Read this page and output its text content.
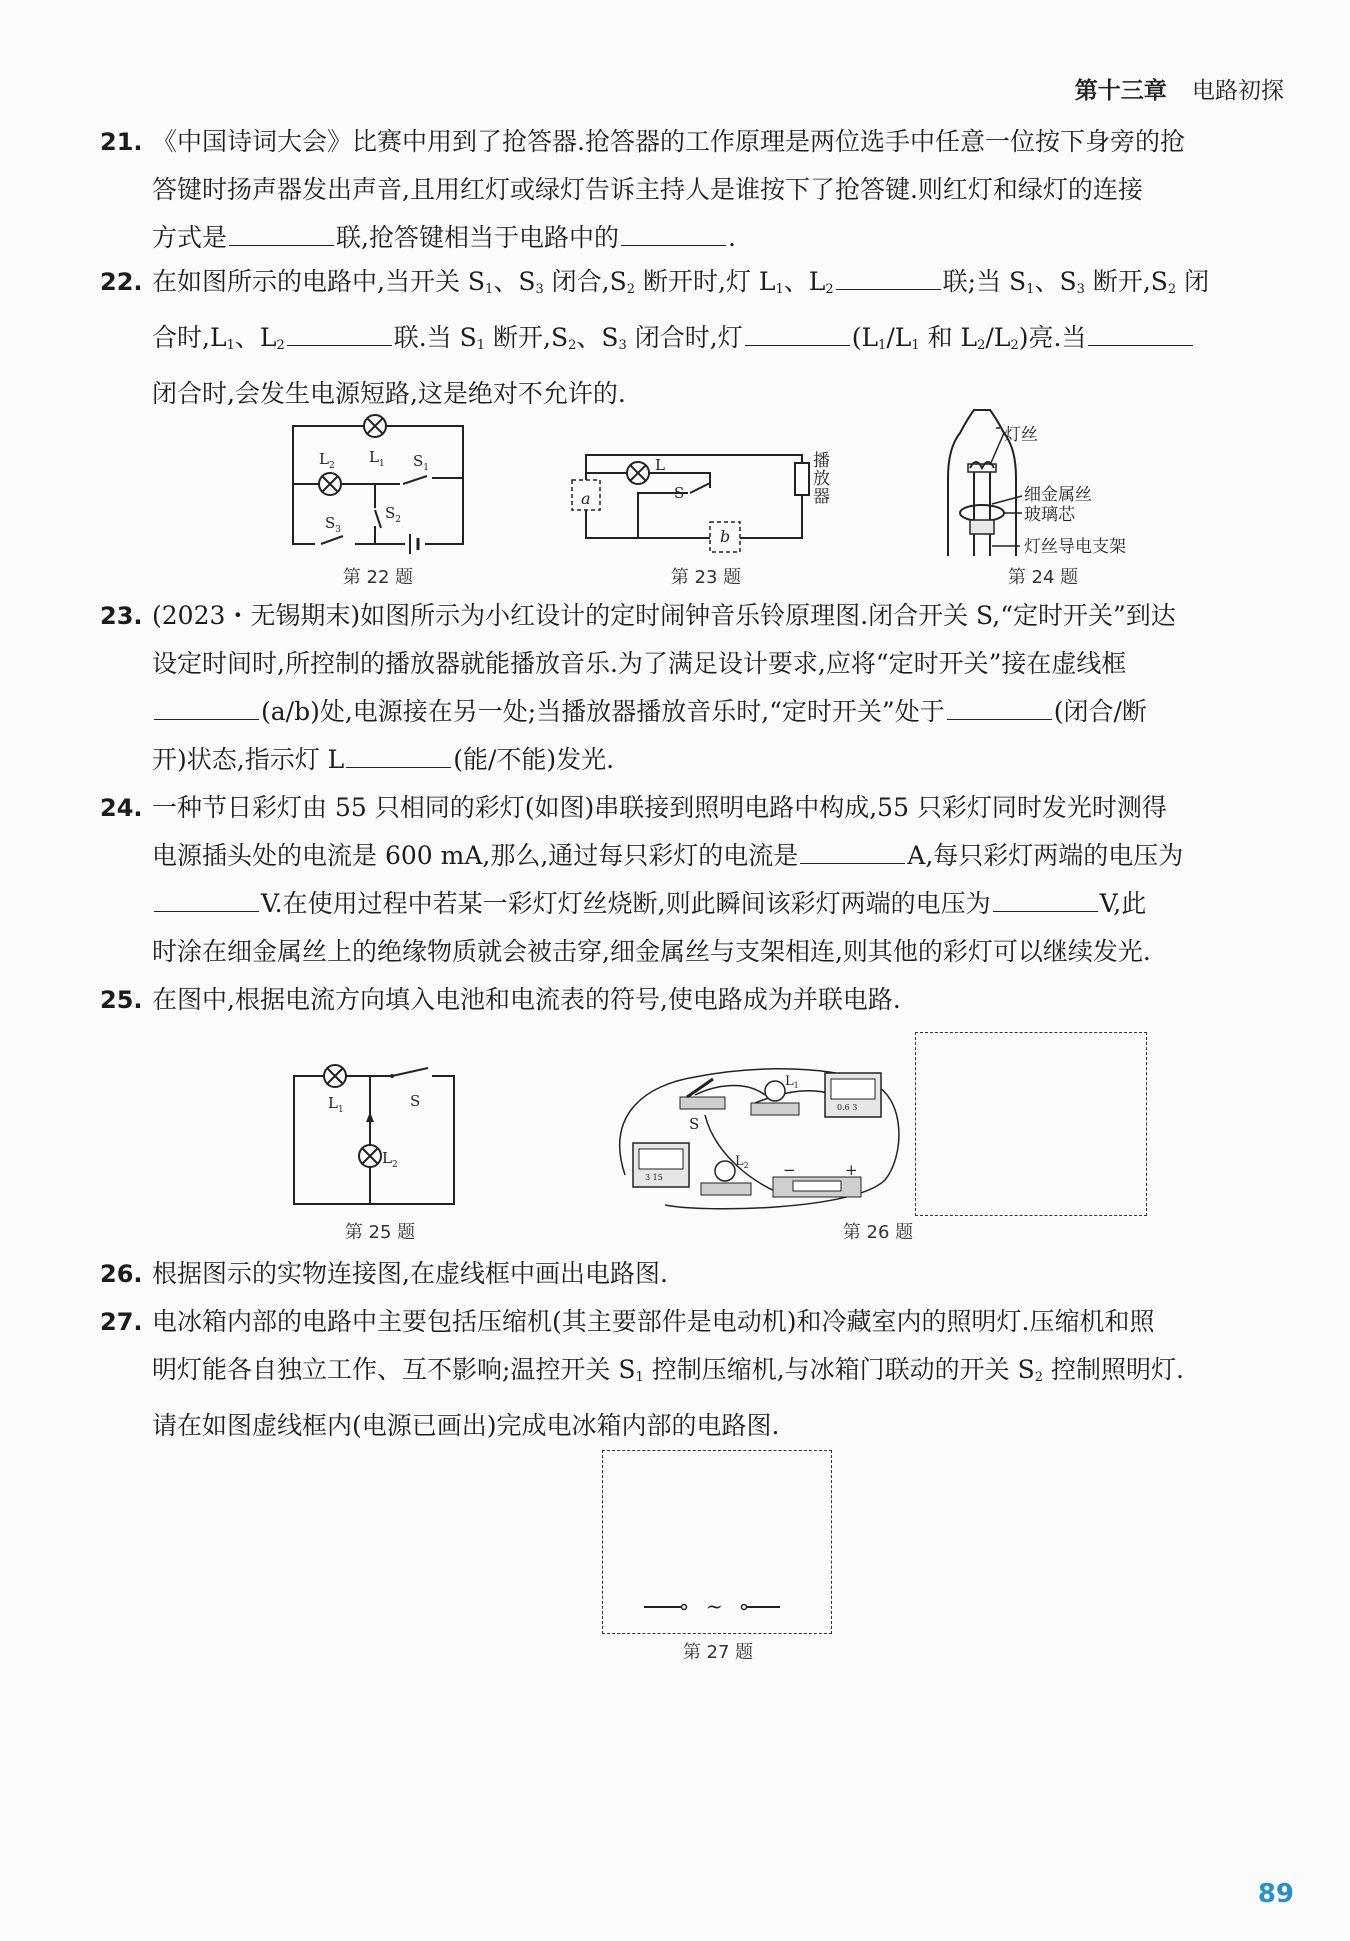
第十三章 电路初探
21. 《中国诗词大会》比赛中用到了抢答器.抢答器的工作原理是两位选手中任意一位按下身旁的抢
答键时扬声器发出声音,且用红灯或绿灯告诉主持人是谁按下了抢答键.则红灯和绿灯的连接
方式是	联,抢答键相当于电路中的	.
22. 在如图所示的电路中,当开关 $S_1$、$S_3$ 闭合$,S_2$ 断开时,灯 $L_1$、$L_2$	联;当 $S_1$、$S_3$ 断开$,S_2$ 闭
合时$,L_1$、$L_2$	联.当 $S_1$ 断开$,S_2$、$S_3$ 闭合时,灯	($L_1/L_1$ 和 $L_2/L_2$)亮.当
闭合时,会发生电源短路,这是绝对不允许的.
$L_2$ $L_1$ $S_1$
$S_2$
$S_3$
第 22 题
L
S
a
b
播
放
器
第 23 题
灯丝
细金属丝
玻璃芯
灯丝导电支架
第 24 题
23. (2023・无锡期末)如图所示为小红设计的定时闹钟音乐铃原理图.闭合开关 S,“定时开关”到达
设定时间时,所控制的播放器就能播放音乐.为了满足设计要求,应将“定时开关”接在虚线框
(a/b)处,电源接在另一处;当播放器播放音乐时,“定时开关”处于	(闭合/断
开)状态,指示灯 L	(能/不能)发光.
24. 一种节日彩灯由 55 只相同的彩灯(如图)串联接到照明电路中构成,55 只彩灯同时发光时测得
电源插头处的电流是 600 mA,那么,通过每只彩灯的电流是	A,每只彩灯两端的电压为
V.在使用过程中若某一彩灯灯丝烧断,则此瞬间该彩灯两端的电压为	V,此
时涂在细金属丝上的绝缘物质就会被击穿,细金属丝与支架相连,则其他的彩灯可以继续发光.
25. 在图中,根据电流方向填入电池和电流表的符号,使电路成为并联电路.
$L_1$	S
$L_2$
第 25 题
S
$L_1$
$L_2$ −	+
0.6 3
3 15
第 26 题
26. 根据图示的实物连接图,在虚线框中画出电路图.
27. 电冰箱内部的电路中主要包括压缩机(其主要部件是电动机)和冷藏室内的照明灯.压缩机和照
明灯能各自独立工作、互不影响;温控开关 $S_1$ 控制压缩机,与冰箱门联动的开关 $S_2$ 控制照明灯.
请在如图虚线框内(电源已画出)完成电冰箱内部的电路图.
~
第 27 题
89
